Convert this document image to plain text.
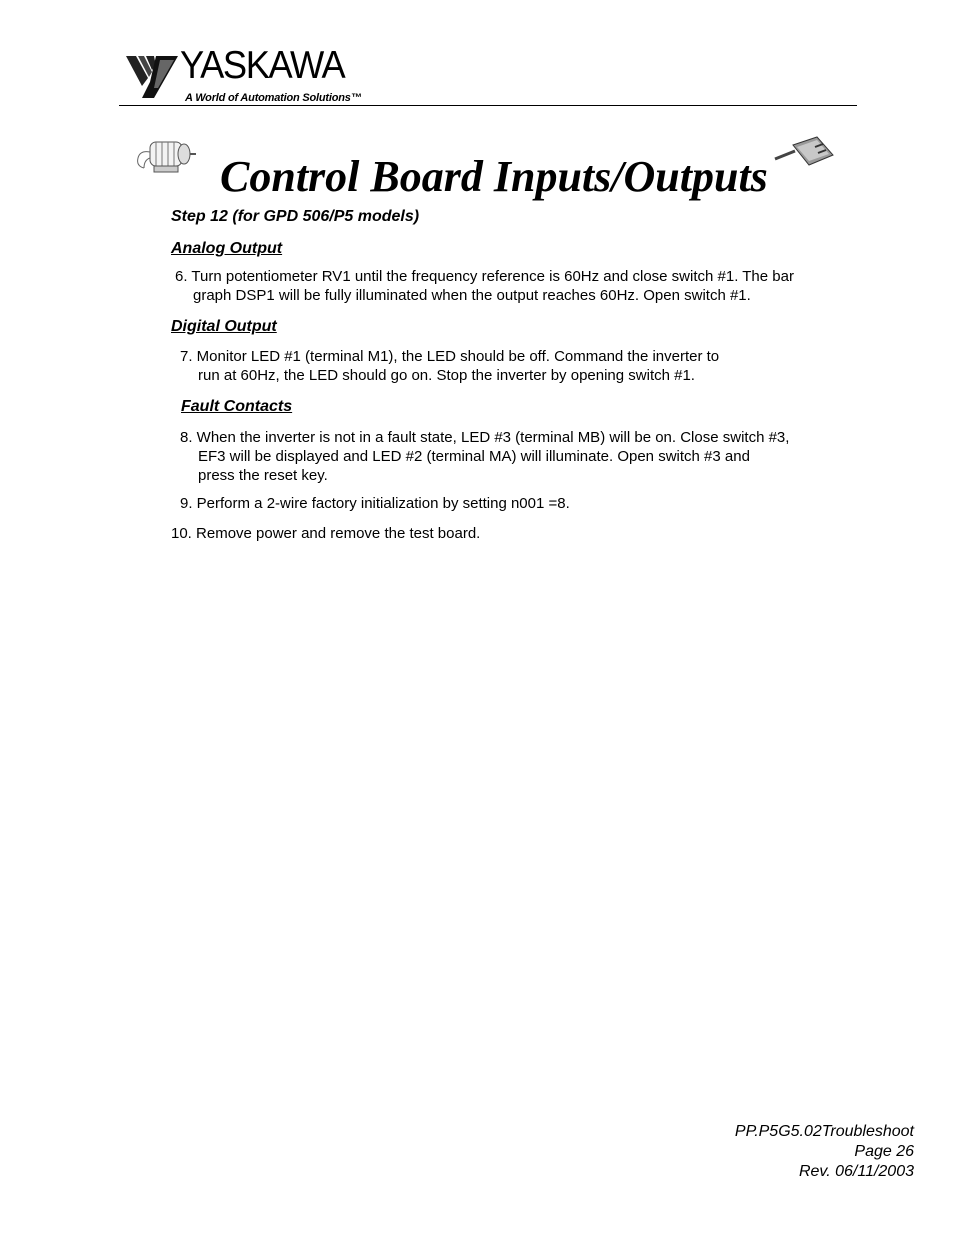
YASKAWA
A World of Automation Solutions™
Control Board Inputs/Outputs
Step 12 (for GPD 506/P5 models)
Analog Output
6. Turn potentiometer RV1 until the frequency reference is 60Hz and close switch #1. The bar
graph DSP1 will be fully illuminated when the output reaches 60Hz. Open switch #1.
Digital Output
7. Monitor LED #1 (terminal M1), the LED should be off. Command the inverter to
run at 60Hz, the LED should go on. Stop the inverter by opening switch #1.
Fault Contacts
8. When the inverter is not in a fault state, LED #3 (terminal MB) will be on. Close switch #3,
EF3 will be displayed and LED #2 (terminal MA) will illuminate. Open switch #3 and
press the reset key.
9. Perform a 2-wire factory initialization by setting n001 =8.
10. Remove power and remove the test board.
PP.P5G5.02Troubleshoot
Page 26
Rev. 06/11/2003
